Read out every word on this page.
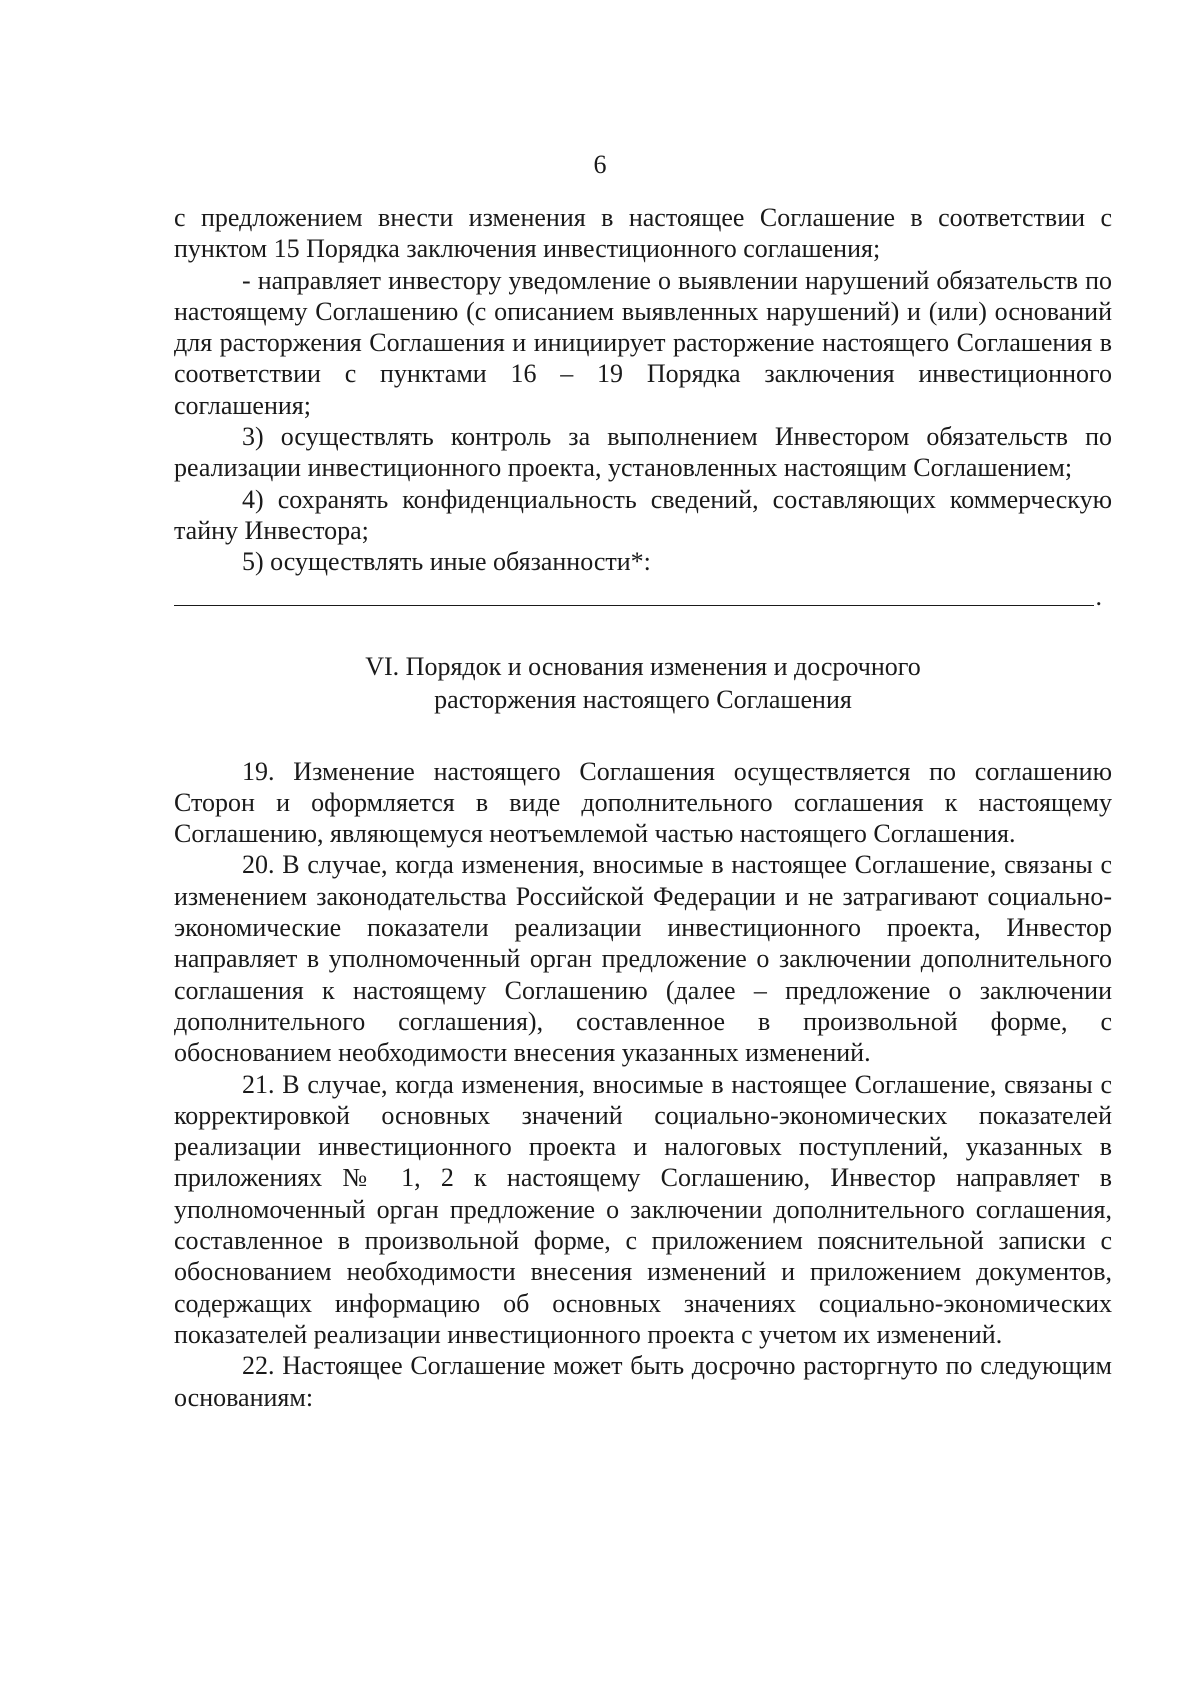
6

с предложением внести изменения в настоящее Соглашение в соответствии с пунктом 15 Порядка заключения инвестиционного соглашения;

- направляет инвестору уведомление о выявлении нарушений обязательств по настоящему Соглашению (с описанием выявленных нарушений) и (или) оснований для расторжения Соглашения и инициирует расторжение настоящего Соглашения в соответствии с пунктами 16 – 19 Порядка заключения инвестиционного соглашения;

3) осуществлять контроль за выполнением Инвестором обязательств по реализации инвестиционного проекта, установленных настоящим Соглашением;

4) сохранять конфиденциальность сведений, составляющих коммерческую тайну Инвестора;

5) осуществлять иные обязанности*:

.
VI. Порядок и основания изменения и досрочного
расторжения настоящего Соглашения

19. Изменение настоящего Соглашения осуществляется по соглашению Сторон и оформляется в виде дополнительного соглашения к настоящему Соглашению, являющемуся неотъемлемой частью настоящего Соглашения.

20. В случае, когда изменения, вносимые в настоящее Соглашение, связаны с изменением законодательства Российской Федерации и не затрагивают социально-экономические показатели реализации инвестиционного проекта, Инвестор направляет в уполномоченный орган предложение о заключении дополнительного соглашения к настоящему Соглашению (далее – предложение о заключении дополнительного соглашения), составленное в произвольной форме, с обоснованием необходимости внесения указанных изменений.

21. В случае, когда изменения, вносимые в настоящее Соглашение, связаны с корректировкой основных значений социально-экономических показателей реализации инвестиционного проекта и налоговых поступлений, указанных в приложениях № 1, 2 к настоящему Соглашению, Инвестор направляет в уполномоченный орган предложение о заключении дополнительного соглашения, составленное в произвольной форме, с приложением пояснительной записки с обоснованием необходимости внесения изменений и приложением документов, содержащих информацию об основных значениях социально-экономических показателей реализации инвестиционного проекта с учетом их изменений.

22. Настоящее Соглашение может быть досрочно расторгнуто по следующим основаниям:
